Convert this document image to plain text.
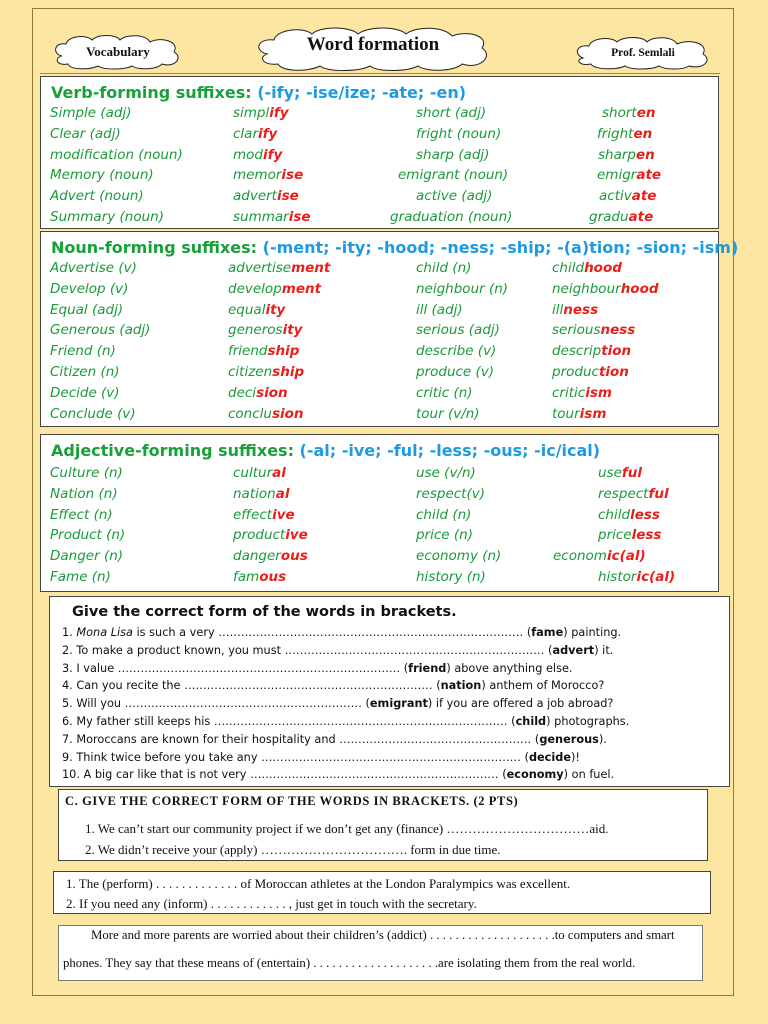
Vocabulary	Word formation	Prof. Semlali
Verb-forming suffixes: (-ify; -ise/ize; -ate; -en)
Noun-forming suffixes: (-ment; -ity; -hood; -ness; -ship; -(a)tion; -sion; -ism)
Adjective-forming suffixes: (-al; -ive; -ful; -less; -ous; -ic/ical)
Simple (adj)	simplify	short (adj)	shorten
Clear (adj)	clarify	fright (noun)	frighten
modification (noun)	modify	sharp (adj)	sharpen
Memory (noun)	memorise	emigrant (noun)	emigrate
Advert (noun)	advertise	active (adj)	activate
Summary (noun)	summarise	graduation (noun)	graduate
Advertise (v)	advertisement	child (n)	childhood
Develop (v)	development	neighbour (n)	neighbourhood
Equal (adj)	equality	ill (adj)	illness
Generous (adj)	generosity	serious (adj)	seriousness
Friend (n)	friendship	describe (v)	description
Citizen (n)	citizenship	produce (v)	production
Decide (v)	decision	critic (n)	criticism
Conclude (v)	conclusion	tour (v/n)	tourism
Culture (n)	cultural	use (v/n)	useful
Nation (n)	national	respect(v)	respectful
Effect (n)	effective	child (n)	childless
Product (n)	productive	price (n)	priceless
Danger (n)	dangerous	economy (n)	economic(al)
Fame (n)	famous	history (n)	historic(al)
Give the correct form of the words in brackets.
1. Mona Lisa is such a very ……………………………………………………………………… (fame) painting.
2. To make a product known, you must …………………………………………………………… (advert) it.
3. I value ………………………………………………………………… (friend) above anything else.
4. Can you recite the ………………………………………………………… (nation) anthem of Morocco?
5. Will you ……………………………………………………… (emigrant) if you are offered a job abroad?
6. My father still keeps his …………………………………………………………………… (child) photographs.
7. Moroccans are known for their hospitality and …………………………………………… (generous).
9. Think twice before you take any …………………………………………………………… (decide)!
10. A big car like that is not very ………………………………………………………… (economy) on fuel.
C. GIVE THE CORRECT FORM OF THE WORDS IN BRACKETS. (2 PTS)
1. We can’t start our community project if we don’t get any (finance) ……………………………aid.
2. We didn’t receive your (apply) ……………………………. form in due time.
1. The (perform) . . . . . . . . . . . . . of Moroccan athletes at the London Paralympics was excellent.
2. If you need any (inform) . . . . . . . . . . . . , just get in touch with the secretary.
More and more parents are worried about their children’s (addict) . . . . . . . . . . . . . . . . . . . .to computers and smart
phones. They say that these means of (entertain) . . . . . . . . . . . . . . . . . . . .are isolating them from the real world.
